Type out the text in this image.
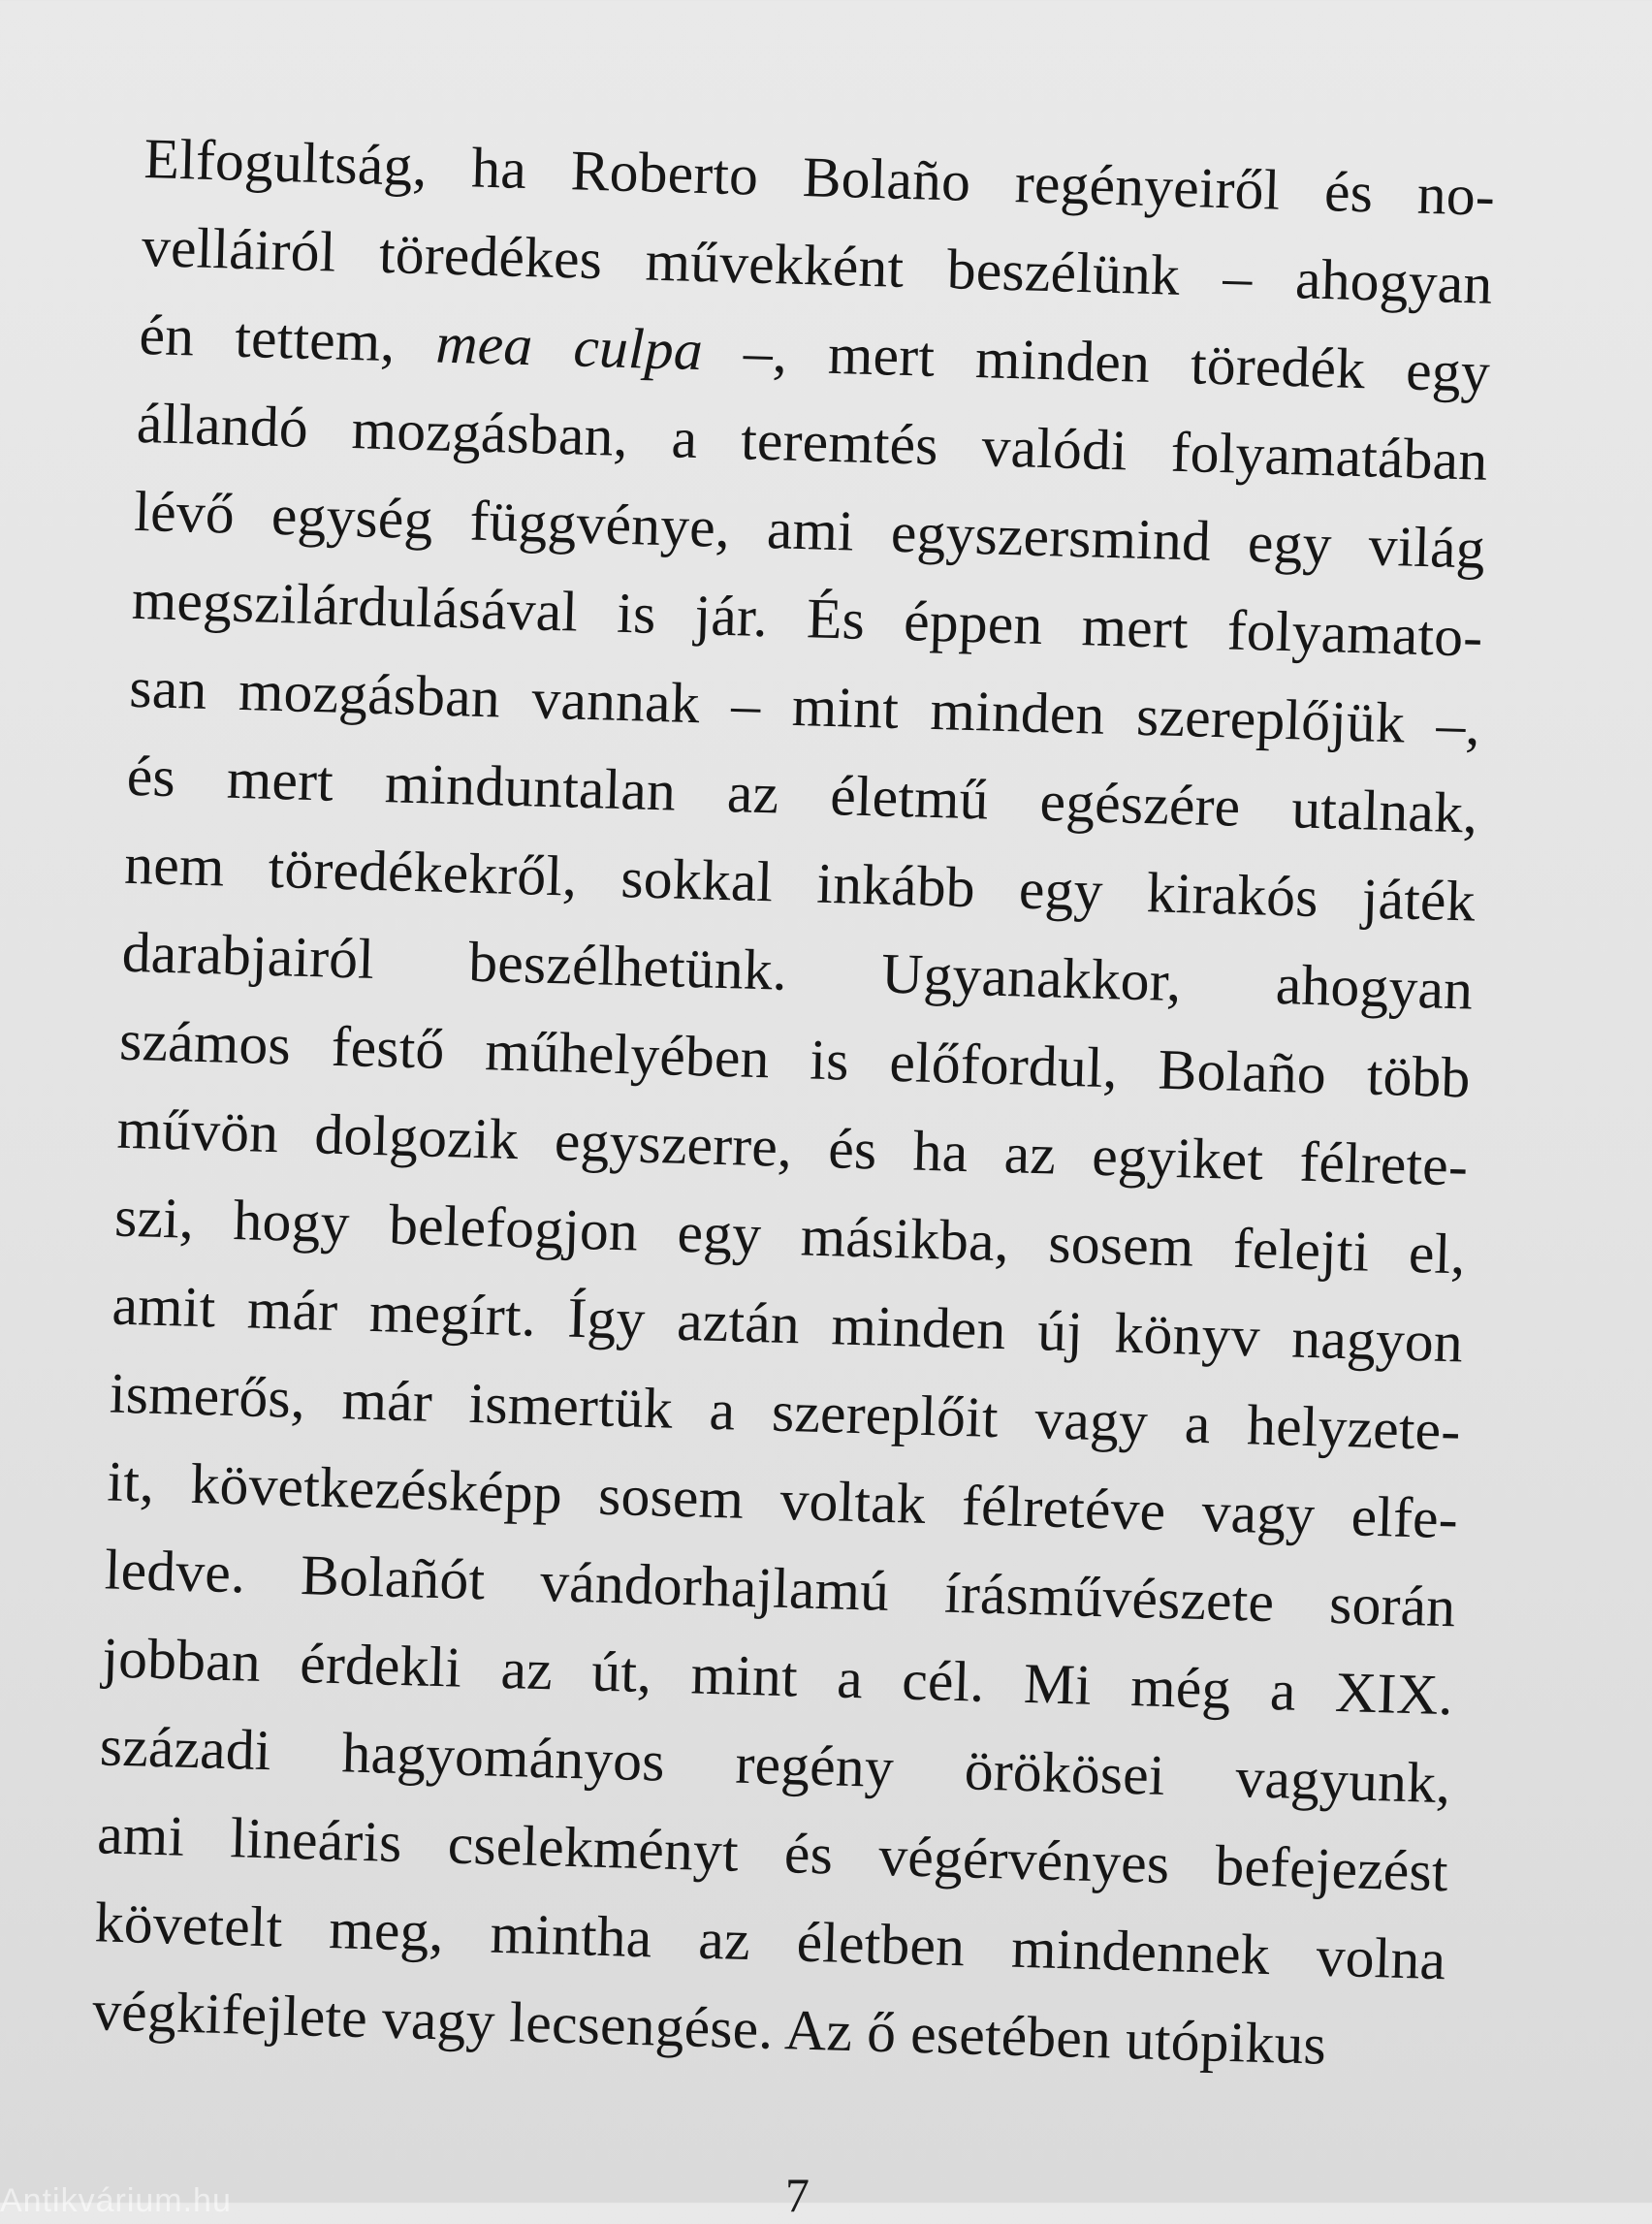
Elfogultság, ha Roberto Bolaño regényeiről és no-
velláiról töredékes művekként beszélünk – ahogyan
én tettem, mea culpa –, mert minden töredék egy
állandó mozgásban, a teremtés valódi folyamatában
lévő egység függvénye, ami egyszersmind egy világ
megszilárdulásával is jár. És éppen mert folyamato-
san mozgásban vannak – mint minden szereplőjük –,
és mert minduntalan az életmű egészére utalnak,
nem töredékekről, sokkal inkább egy kirakós játék
darabjairól beszélhetünk. Ugyanakkor, ahogyan
számos festő műhelyében is előfordul, Bolaño több
művön dolgozik egyszerre, és ha az egyiket félrete-
szi, hogy belefogjon egy másikba, sosem felejti el,
amit már megírt. Így aztán minden új könyv nagyon
ismerős, már ismertük a szereplőit vagy a helyzete-
it, következésképp sosem voltak félretéve vagy elfe-
ledve. Bolañót vándorhajlamú írásművészete során
jobban érdekli az út, mint a cél. Mi még a XIX.
századi hagyományos regény örökösei vagyunk,
ami lineáris cselekményt és végérvényes befejezést
követelt meg, mintha az életben mindennek volna
végkifejlete vagy lecsengése. Az ő esetében utópikus
7
Antikvárium.hu
